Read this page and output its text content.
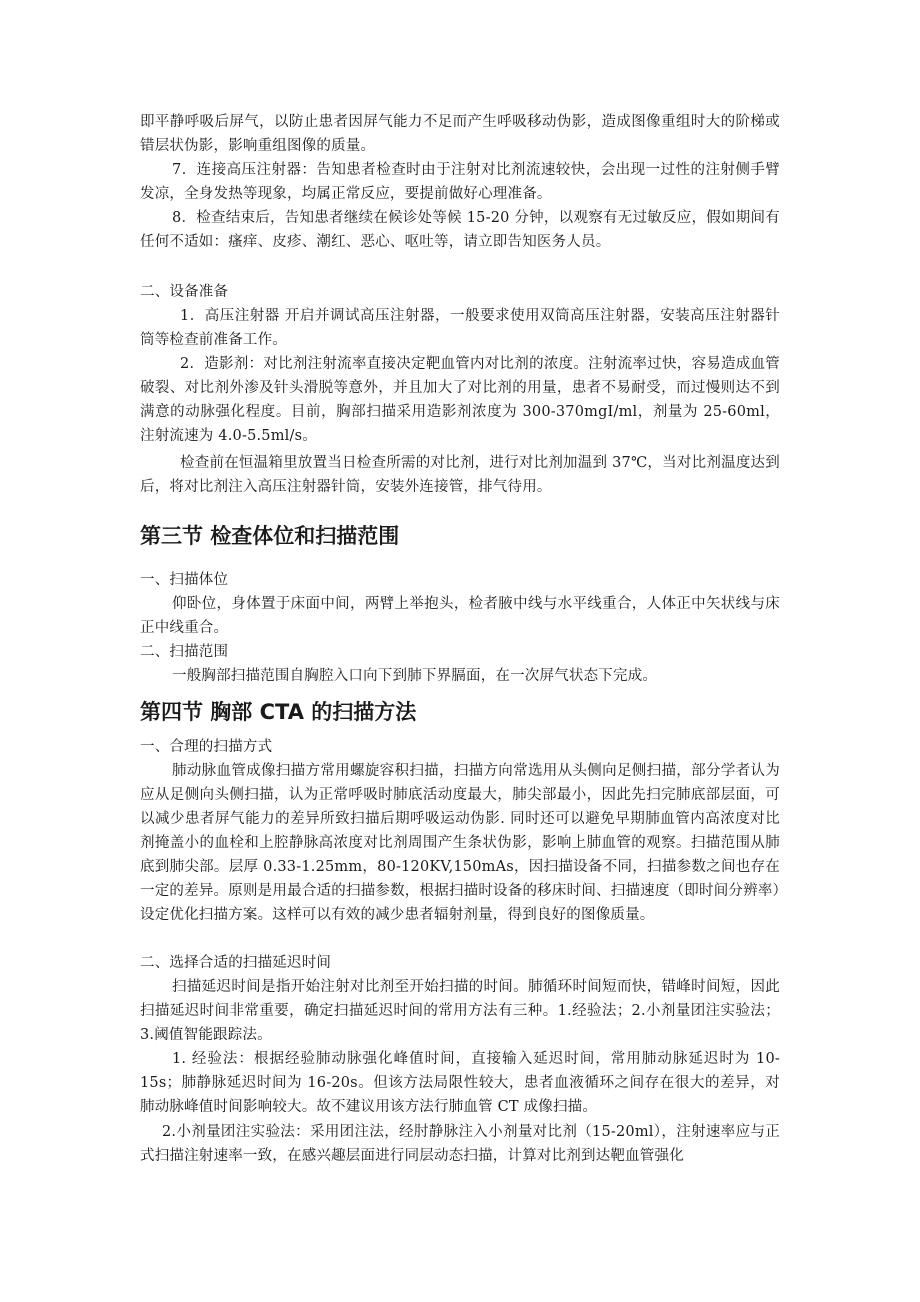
即平静呼吸后屏气，以防止患者因屏气能力不足而产生呼吸移动伪影，造成图像重组时大的阶梯或错层状伪影，影响重组图像的质量。

7．连接高压注射器：告知患者检查时由于注射对比剂流速较快，会出现一过性的注射侧手臂发凉，全身发热等现象，均属正常反应，要提前做好心理准备。

8．检查结束后，告知患者继续在候诊处等候 15-20 分钟，以观察有无过敏反应，假如期间有任何不适如：瘙痒、皮疹、潮红、恶心、呕吐等，请立即告知医务人员。

二、设备准备

1．高压注射器 开启并调试高压注射器，一般要求使用双筒高压注射器，安装高压注射器针筒等检查前准备工作。

2．造影剂：对比剂注射流率直接决定靶血管内对比剂的浓度。注射流率过快，容易造成血管破裂、对比剂外渗及针头滑脱等意外，并且加大了对比剂的用量，患者不易耐受，而过慢则达不到满意的动脉强化程度。目前，胸部扫描采用造影剂浓度为 300-370mgI/ml，剂量为 25-60ml，注射流速为 4.0-5.5ml/s。

检查前在恒温箱里放置当日检查所需的对比剂，进行对比剂加温到 37℃，当对比剂温度达到后，将对比剂注入高压注射器针筒，安装外连接管，排气待用。

第三节 检查体位和扫描范围

一、扫描体位

仰卧位，身体置于床面中间，两臂上举抱头，检者腋中线与水平线重合，人体正中矢状线与床正中线重合。

二、扫描范围

一般胸部扫描范围自胸腔入口向下到肺下界膈面，在一次屏气状态下完成。

第四节 胸部 CTA 的扫描方法

一、合理的扫描方式

肺动脉血管成像扫描方常用螺旋容积扫描，扫描方向常选用从头侧向足侧扫描，部分学者认为应从足侧向头侧扫描，认为正常呼吸时肺底活动度最大，肺尖部最小，因此先扫完肺底部层面，可以减少患者屏气能力的差异所致扫描后期呼吸运动伪影. 同时还可以避免早期肺血管内高浓度对比剂掩盖小的血栓和上腔静脉高浓度对比剂周围产生条状伪影，影响上肺血管的观察。扫描范围从肺底到肺尖部。层厚 0.33-1.25mm，80-120KV,150mAs，因扫描设备不同，扫描参数之间也存在一定的差异。原则是用最合适的扫描参数，根据扫描时设备的移床时间、扫描速度（即时间分辨率）设定优化扫描方案。这样可以有效的减少患者辐射剂量，得到良好的图像质量。

二、选择合适的扫描延迟时间

扫描延迟时间是指开始注射对比剂至开始扫描的时间。肺循环时间短而快，错峰时间短，因此扫描延迟时间非常重要，确定扫描延迟时间的常用方法有三种。1.经验法；2.小剂量团注实验法；3.阈值智能跟踪法。

1. 经验法：根据经验肺动脉强化峰值时间，直接输入延迟时间，常用肺动脉延迟时为 10-15s；肺静脉延迟时间为 16-20s。但该方法局限性较大，患者血液循环之间存在很大的差异，对肺动脉峰值时间影响较大。故不建议用该方法行肺血管 CT 成像扫描。

2.小剂量团注实验法：采用团注法，经肘静脉注入小剂量对比剂（15-20ml），注射速率应与正式扫描注射速率一致，在感兴趣层面进行同层动态扫描，计算对比剂到达靶血管强化
